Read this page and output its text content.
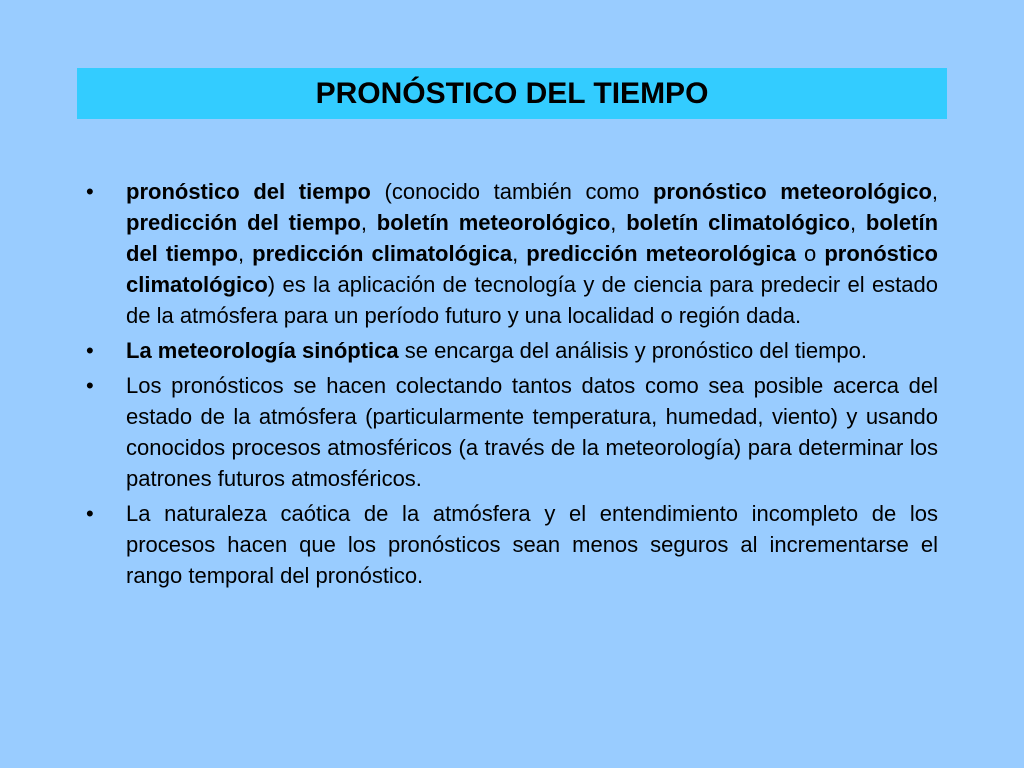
PRONÓSTICO DEL TIEMPO
•	pronóstico del tiempo (conocido también como pronóstico meteorológico, predicción del tiempo, boletín meteorológico, boletín climatológico, boletín del tiempo, predicción climatológica, predicción meteorológica o pronóstico climatológico) es la aplicación de tecnología y de ciencia para predecir el estado de la atmósfera para un período futuro y una localidad o región dada.
•	La meteorología sinóptica se encarga del análisis y pronóstico del tiempo.
•	Los pronósticos se hacen colectando tantos datos como sea posible acerca del estado de la atmósfera (particularmente temperatura, humedad, viento) y usando conocidos procesos atmosféricos (a través de la meteorología) para determinar los patrones futuros atmosféricos.
•	La naturaleza caótica de la atmósfera y el entendimiento incompleto de los procesos hacen que los pronósticos sean menos seguros al incrementarse el rango temporal del pronóstico.
